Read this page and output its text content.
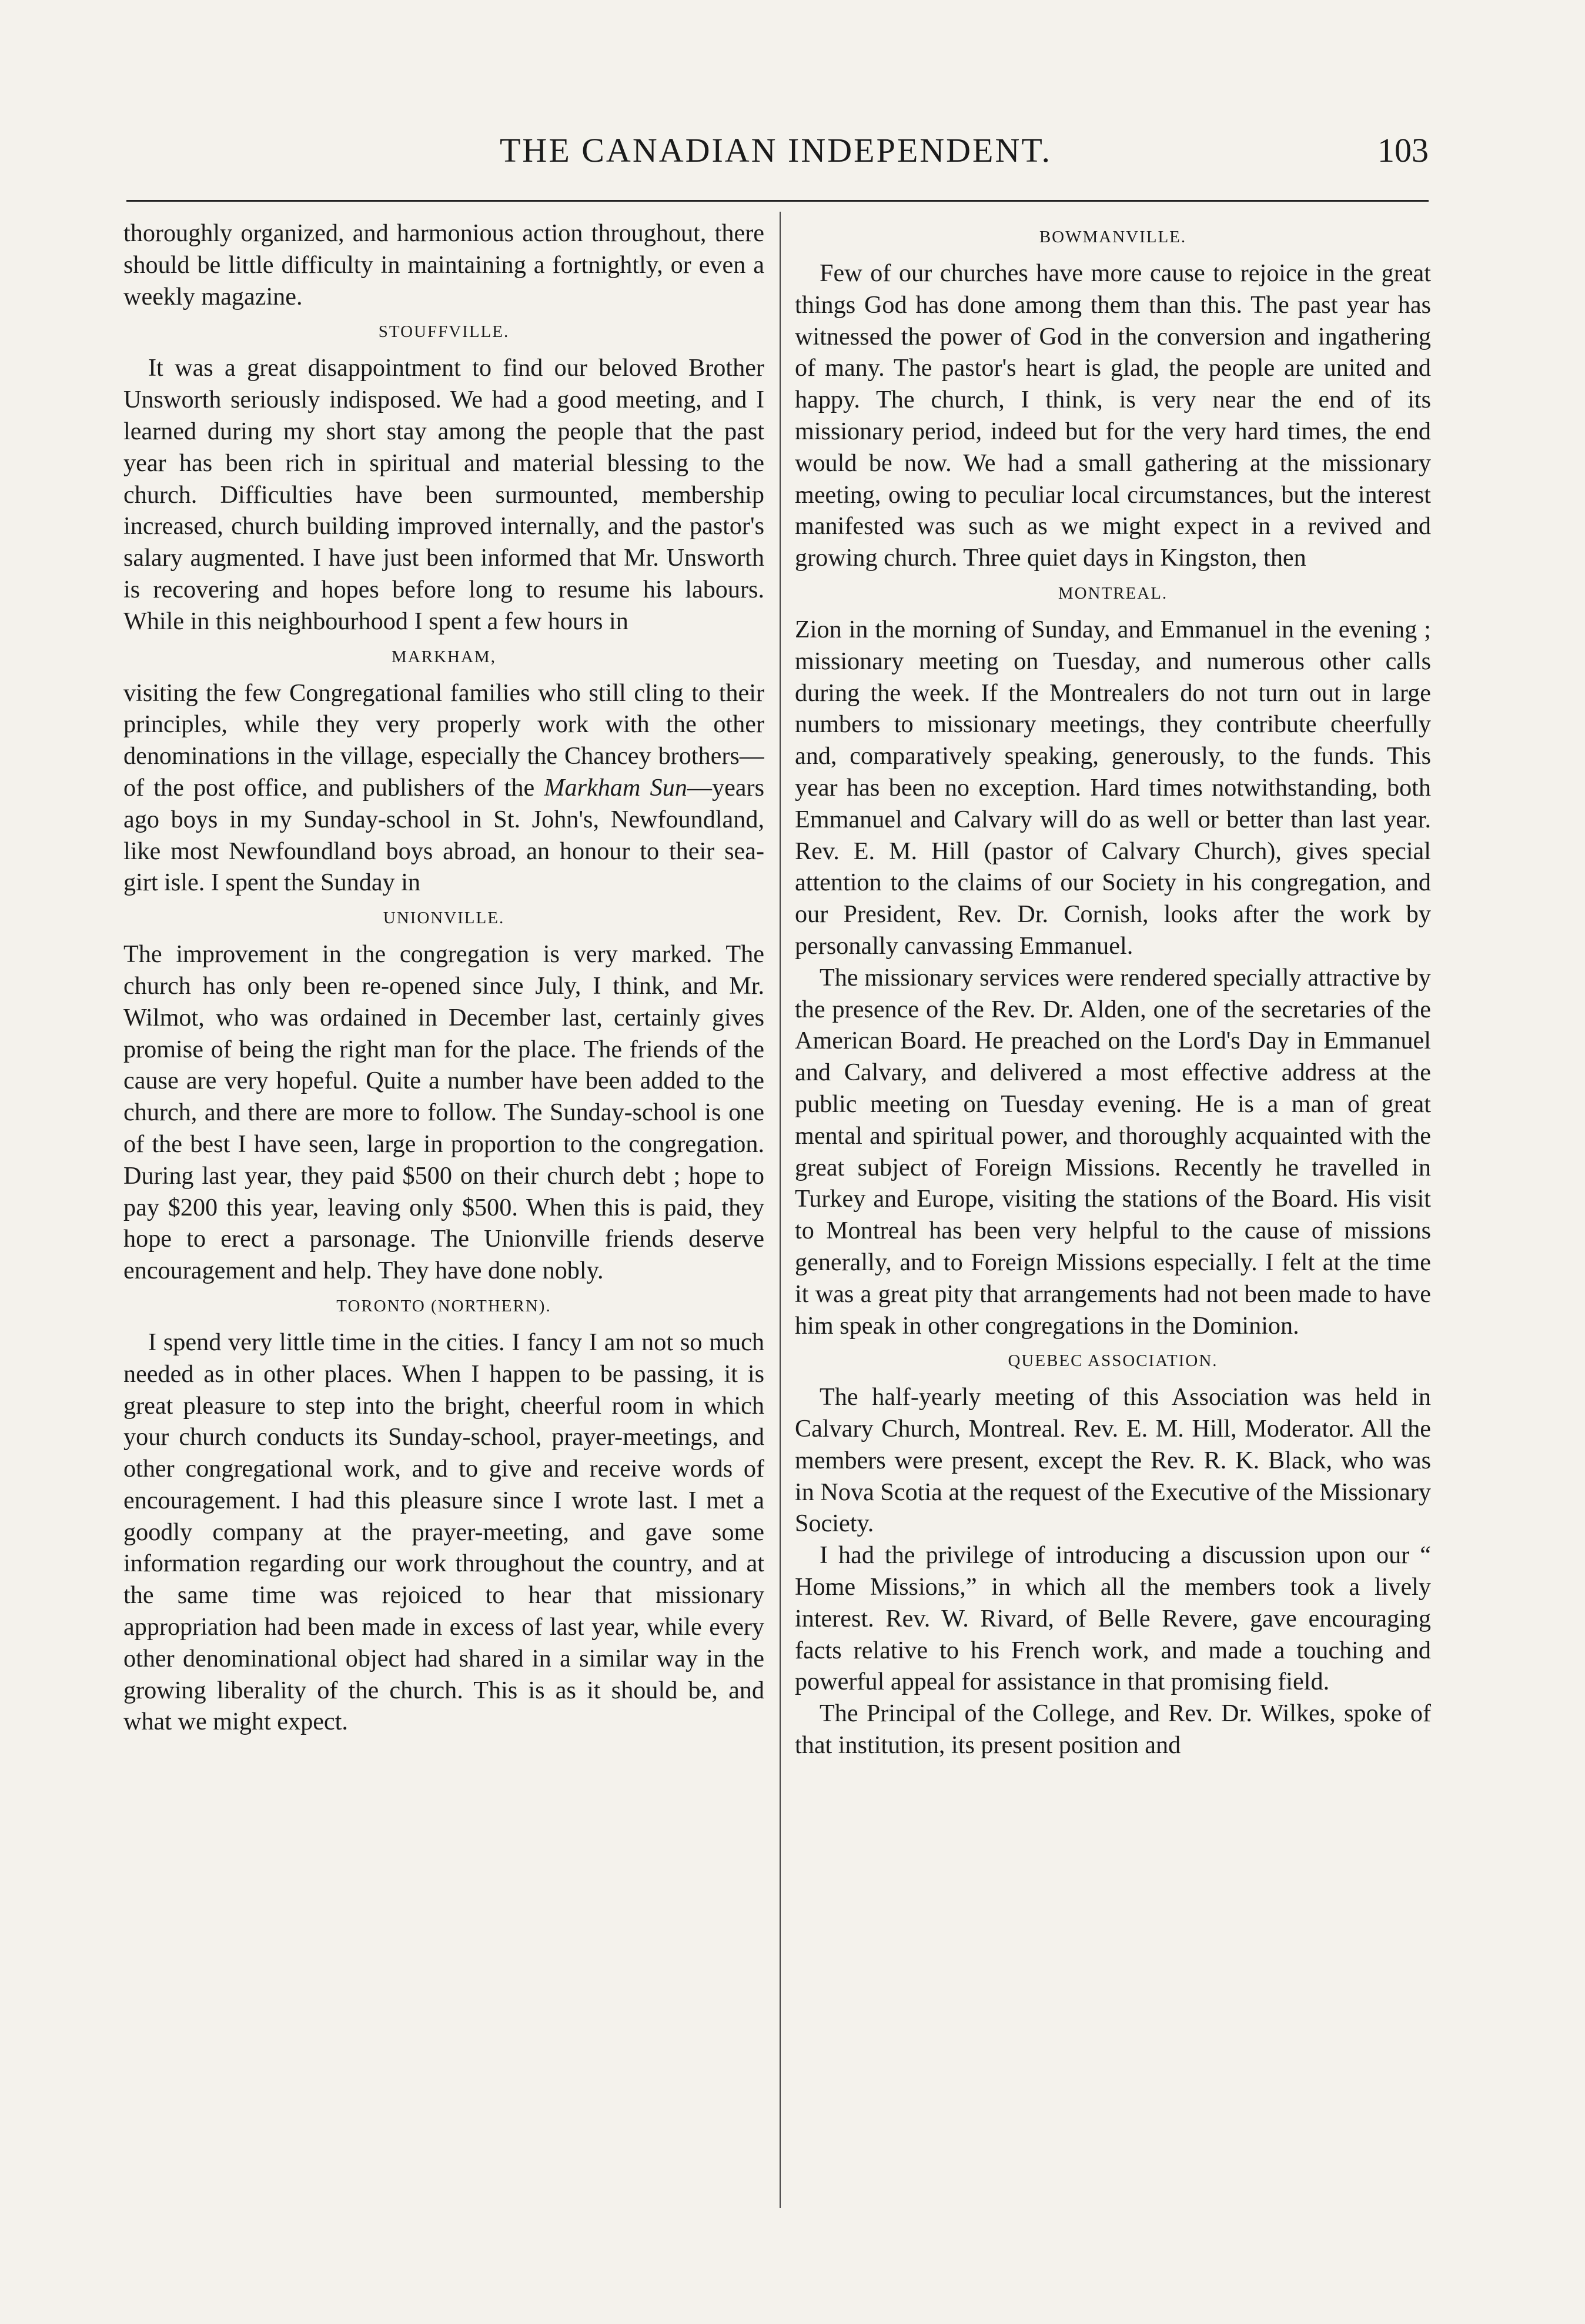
THE CANADIAN INDEPENDENT.	103

thoroughly organized, and harmonious action throughout, there should be little difficulty in maintaining a fortnightly, or even a weekly magazine.

STOUFFVILLE.

It was a great disappointment to find our beloved Brother Unsworth seriously indisposed. We had a good meeting, and I learned during my short stay among the people that the past year has been rich in spiritual and material blessing to the church. Difficulties have been surmounted, membership increased, church building improved internally, and the pastor's salary augmented. I have just been informed that Mr. Unsworth is recovering and hopes before long to resume his labours. While in this neighbourhood I spent a few hours in

MARKHAM,

visiting the few Congregational families who still cling to their principles, while they very properly work with the other denominations in the village, especially the Chancey brothers—of the post office, and publishers of the Markham Sun—years ago boys in my Sunday-school in St. John's, Newfoundland, like most Newfoundland boys abroad, an honour to their sea-girt isle. I spent the Sunday in

UNIONVILLE.

The improvement in the congregation is very marked. The church has only been re-opened since July, I think, and Mr. Wilmot, who was ordained in December last, certainly gives promise of being the right man for the place. The friends of the cause are very hopeful. Quite a number have been added to the church, and there are more to follow. The Sunday-school is one of the best I have seen, large in proportion to the congregation. During last year, they paid $500 on their church debt ; hope to pay $200 this year, leaving only $500. When this is paid, they hope to erect a parsonage. The Unionville friends deserve encouragement and help. They have done nobly.

TORONTO (NORTHERN).

I spend very little time in the cities. I fancy I am not so much needed as in other places. When I happen to be passing, it is great pleasure to step into the bright, cheerful room in which your church conducts its Sunday-school, prayer-meetings, and other congregational work, and to give and receive words of encouragement. I had this pleasure since I wrote last. I met a goodly company at the prayer-meeting, and gave some information regarding our work throughout the country, and at the same time was rejoiced to hear that missionary appropriation had been made in excess of last year, while every other denominational object had shared in a similar way in the growing liberality of the church. This is as it should be, and what we might expect.

BOWMANVILLE.

Few of our churches have more cause to rejoice in the great things God has done among them than this. The past year has witnessed the power of God in the conversion and ingathering of many. The pastor's heart is glad, the people are united and happy. The church, I think, is very near the end of its missionary period, indeed but for the very hard times, the end would be now. We had a small gathering at the missionary meeting, owing to peculiar local circumstances, but the interest manifested was such as we might expect in a revived and growing church. Three quiet days in Kingston, then

MONTREAL.

Zion in the morning of Sunday, and Emmanuel in the evening ; missionary meeting on Tuesday, and numerous other calls during the week. If the Montrealers do not turn out in large numbers to missionary meetings, they contribute cheerfully and, comparatively speaking, generously, to the funds. This year has been no exception. Hard times notwithstanding, both Emmanuel and Calvary will do as well or better than last year. Rev. E. M. Hill (pastor of Calvary Church), gives special attention to the claims of our Society in his congregation, and our President, Rev. Dr. Cornish, looks after the work by personally canvassing Emmanuel.

The missionary services were rendered specially attractive by the presence of the Rev. Dr. Alden, one of the secretaries of the American Board. He preached on the Lord's Day in Emmanuel and Calvary, and delivered a most effective address at the public meeting on Tuesday evening. He is a man of great mental and spiritual power, and thoroughly acquainted with the great subject of Foreign Missions. Recently he travelled in Turkey and Europe, visiting the stations of the Board. His visit to Montreal has been very helpful to the cause of missions generally, and to Foreign Missions especially. I felt at the time it was a great pity that arrangements had not been made to have him speak in other congregations in the Dominion.

QUEBEC ASSOCIATION.

The half-yearly meeting of this Association was held in Calvary Church, Montreal. Rev. E. M. Hill, Moderator. All the members were present, except the Rev. R. K. Black, who was in Nova Scotia at the request of the Executive of the Missionary Society.

I had the privilege of introducing a discussion upon our “ Home Missions,” in which all the members took a lively interest. Rev. W. Rivard, of Belle Revere, gave encouraging facts relative to his French work, and made a touching and powerful appeal for assistance in that promising field.

The Principal of the College, and Rev. Dr. Wilkes, spoke of that institution, its present position and
